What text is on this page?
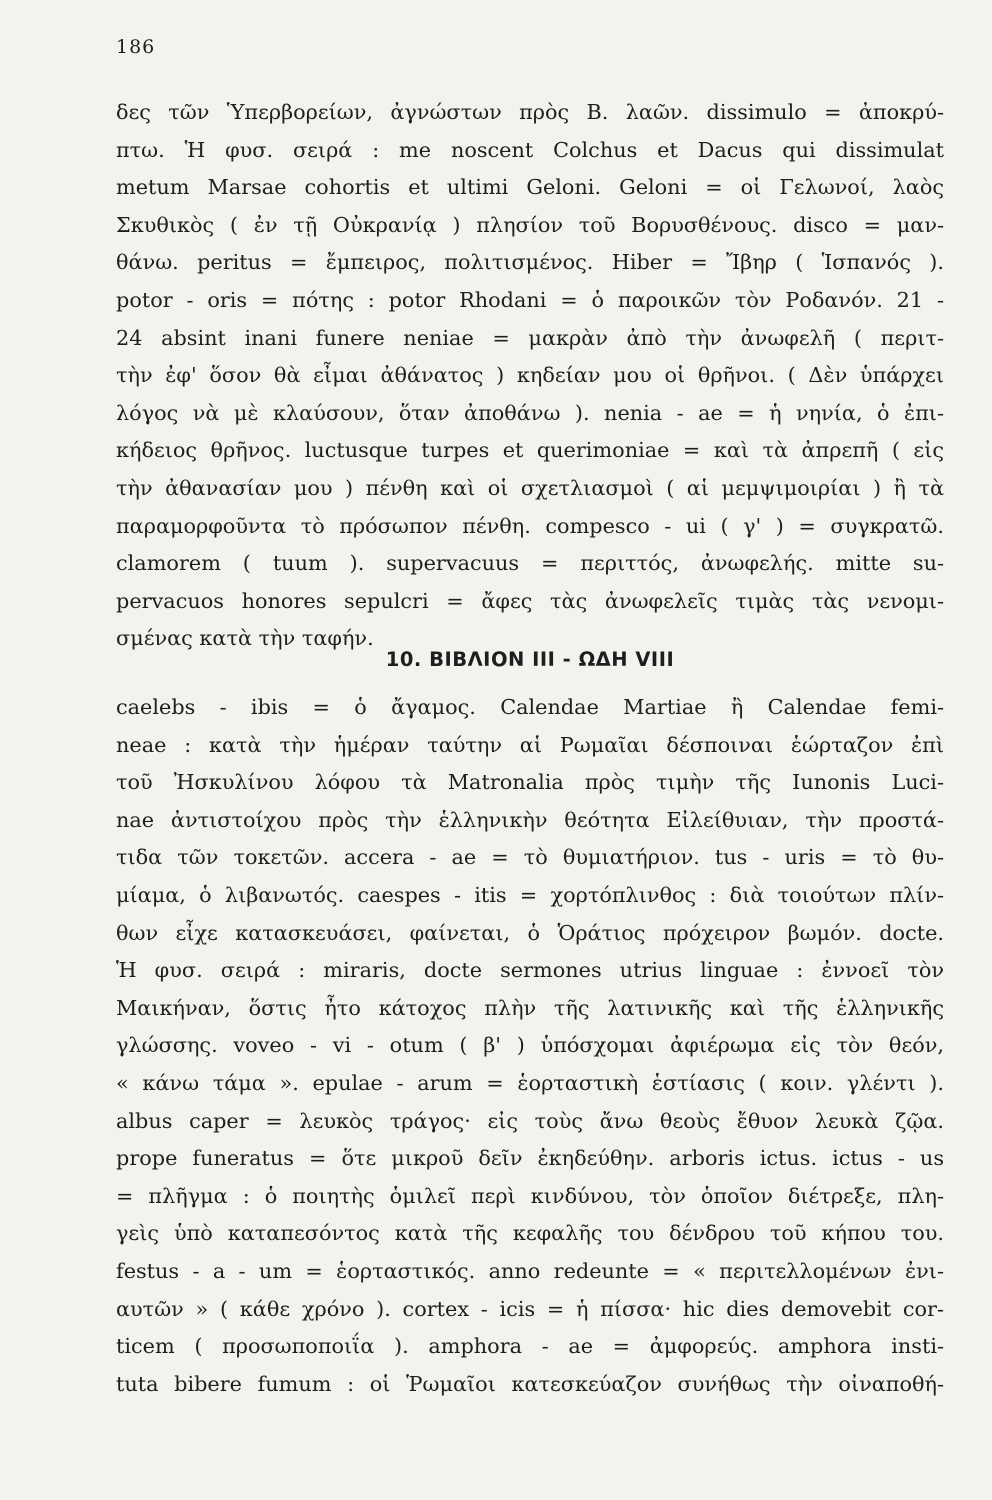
186
δες τῶν Ὑπερβορείων, ἀγνώστων πρὸς Β. λαῶν. dissimulo = ἀποκρύ-
πτω. Ἡ φυσ. σειρά : me noscent Colchus et Dacus qui dissimulat
metum Marsae cohortis et ultimi Geloni. Geloni = οἱ Γελωνοί, λαὸς
Σκυθικὸς ( ἐν τῇ Οὐκρανίᾳ ) πλησίον τοῦ Βορυσθένους. disco = μαν-
θάνω. peritus = ἔμπειρος, πολιτισμένος. Hiber = Ἴβηρ ( Ἱσπανός ).
potor - oris = πότης : potor Rhodani = ὁ παροικῶν τὸν Ροδανόν. 21 -
24 absint inani funere neniae = μακρὰν ἀπὸ τὴν ἀνωφελῆ ( περιτ-
τὴν ἐφ' ὅσον θὰ εἶμαι ἀθάνατος ) κηδείαν μου οἱ θρῆνοι. ( Δὲν ὑπάρχει
λόγος νὰ μὲ κλαύσουν, ὅταν ἀποθάνω ). nenia - ae = ἡ νηνία, ὁ ἐπι-
κήδειος θρῆνος. luctusque turpes et querimoniae = καὶ τὰ ἀπρεπῆ ( εἰς
τὴν ἀθανασίαν μου ) πένθη καὶ οἱ σχετλιασμοὶ ( αἱ μεμψιμοιρίαι ) ἢ τὰ
παραμορφοῦντα τὸ πρόσωπον πένθη. compesco - ui ( γ' ) = συγκρατῶ.
clamorem ( tuum ). supervacuus = περιττός, ἀνωφελής. mitte su-
pervacuos honores sepulcri = ἄφες τὰς ἀνωφελεῖς τιμὰς τὰς νενομι-
σμένας κατὰ τὴν ταφήν.
10. ΒΙΒΛΙΟΝ ΙΙΙ - ΩΔΗ VIII
caelebs - ibis = ὁ ἄγαμος. Calendae Martiae ἢ Calendae femi-
neae : κατὰ τὴν ἡμέραν ταύτην αἱ Ρωμαῖαι δέσποιναι ἑώρταζον ἐπὶ
τοῦ Ἠσκυλίνου λόφου τὰ Matronalia πρὸς τιμὴν τῆς Iunonis Luci-
nae ἀντιστοίχου πρὸς τὴν ἑλληνικὴν θεότητα Εἰλείθυιαν, τὴν προστά-
τιδα τῶν τοκετῶν. accera - ae = τὸ θυμιατήριον. tus - uris = τὸ θυ-
μίαμα, ὁ λιβανωτός. caespes - itis = χορτόπλινθος : διὰ τοιούτων πλίν-
θων εἶχε κατασκευάσει, φαίνεται, ὁ Ὁράτιος πρόχειρον βωμόν. docte.
Ἡ φυσ. σειρά : miraris, docte sermones utrius linguae : ἐννοεῖ τὸν
Μαικήναν, ὅστις ἦτο κάτοχος πλὴν τῆς λατινικῆς καὶ τῆς ἑλληνικῆς
γλώσσης. voveo - vi - otum ( β' ) ὑπόσχομαι ἀφιέρωμα εἰς τὸν θεόν,
« κάνω τάμα ». epulae - arum = ἑορταστικὴ ἑστίασις ( κοιν. γλέντι ).
albus caper = λευκὸς τράγος· εἰς τοὺς ἄνω θεοὺς ἔθυον λευκὰ ζῷα.
prope funeratus = ὅτε μικροῦ δεῖν ἐκηδεύθην. arboris ictus. ictus - us
= πλῆγμα : ὁ ποιητὴς ὁμιλεῖ περὶ κινδύνου, τὸν ὁποῖον διέτρεξε, πλη-
γεὶς ὑπὸ καταπεσόντος κατὰ τῆς κεφαλῆς του δένδρου τοῦ κήπου του.
festus - a - um = ἑορταστικός. anno redeunte = « περιτελλομένων ἐνι-
αυτῶν » ( κάθε χρόνο ). cortex - icis = ἡ πίσσα· hic dies demovebit cor-
ticem ( προσωποποιΐα ). amphora - ae = ἀμφορεύς. amphora insti-
tuta bibere fumum : οἱ Ῥωμαῖοι κατεσκεύαζον συνήθως τὴν οἰναποθή-
